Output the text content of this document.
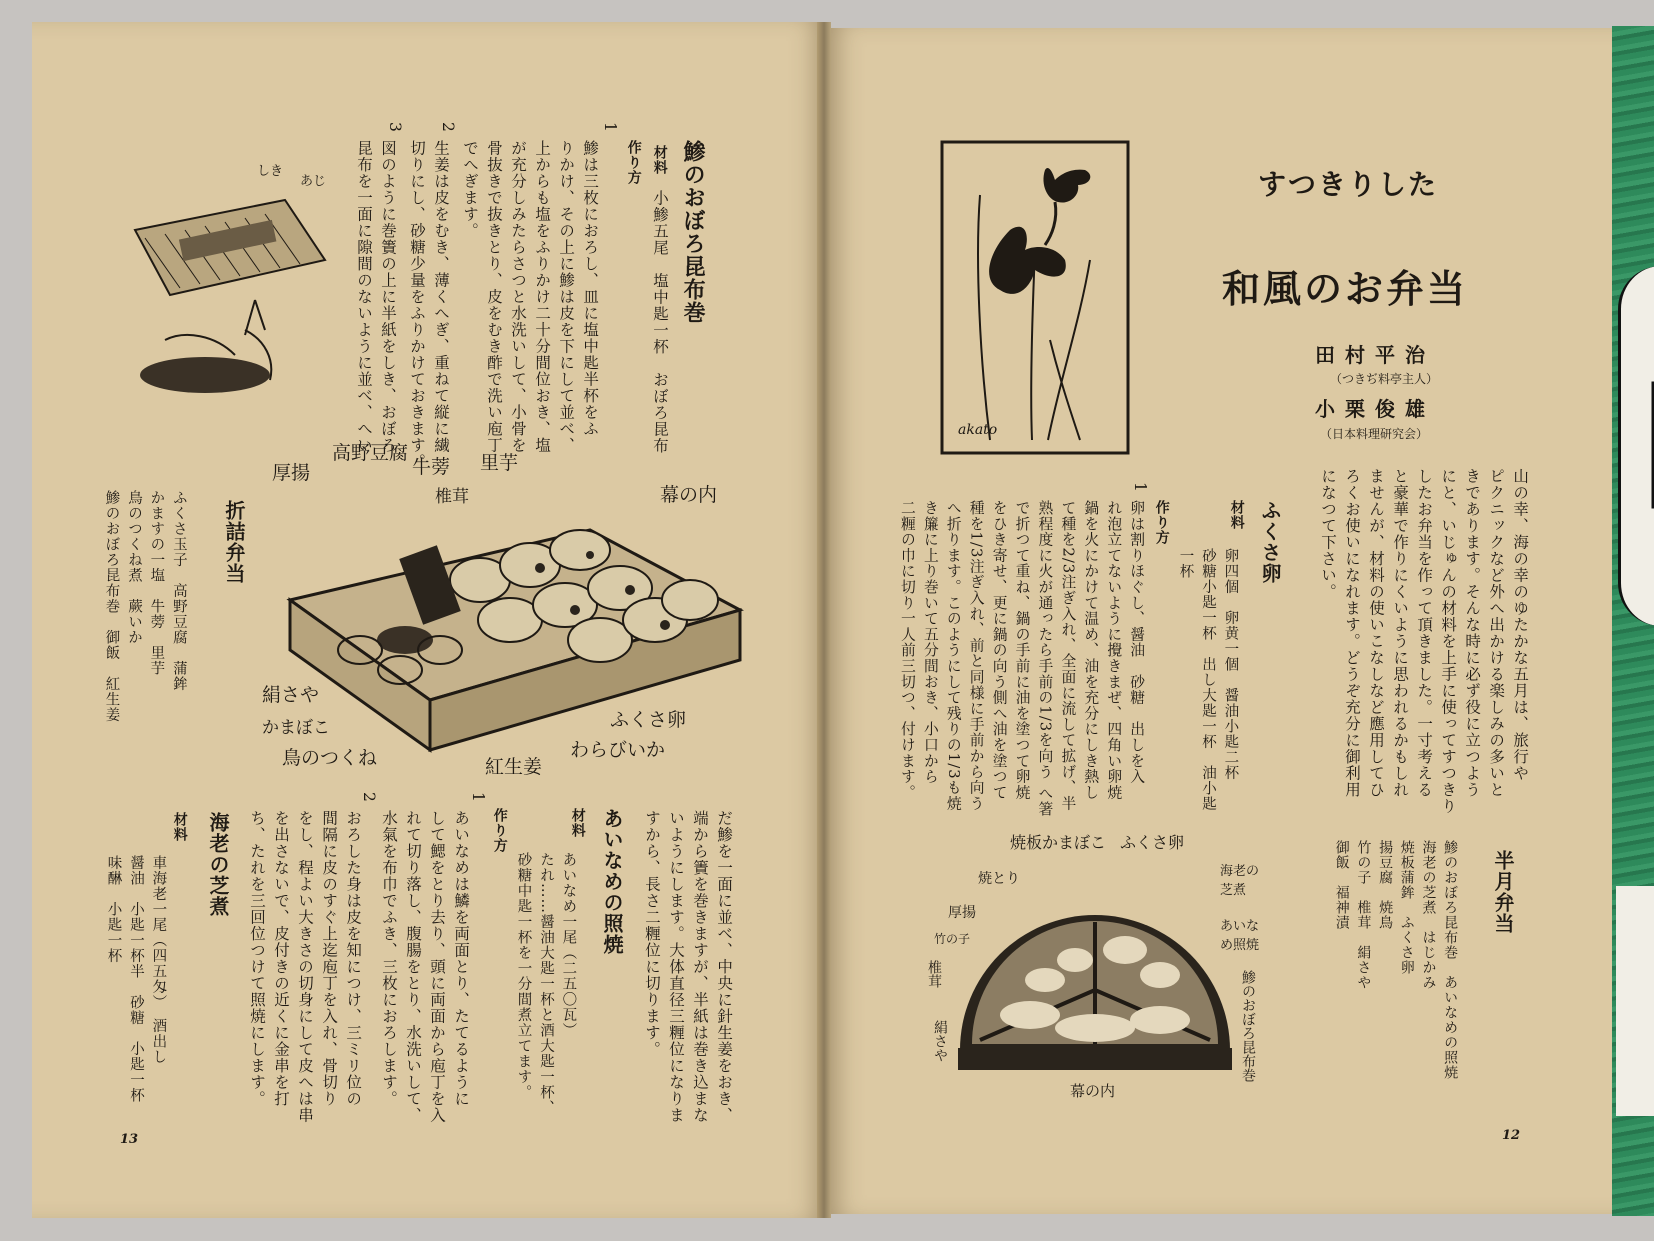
akato
すつきりした
和風のお弁当
田村平治
（つきぢ料亭主人）
小栗俊雄
（日本料理研究会）
山の幸、海の幸のゆたかな五月は、旅行や
ピクニックなど外へ出かける楽しみの多いと
きであります。そんな時に必ず役に立つよう
にと、いじゅんの材料を上手に使ってすつきり
したお弁当を作って頂きました。一寸考える
と豪華で作りにくいように思われるかもしれ
ませんが、材料の使いこなしなど應用してひ
ろくお使いになれます。どうぞ充分に御利用
になつて下さい。
ふくさ卵
材料
卵四個　卵黄一個　醤油小匙二杯
砂糖小匙一杯　出し大匙一杯　油小匙
一杯
作り方
1
卵は割りほぐし、醤油　砂糖　出しを入
れ泡立てないように攪きまぜ、四角い卵焼
鍋を火にかけて温め、油を充分にしき熱し
て種を2/3注ぎ入れ、全面に流して拡げ、半
熟程度に火が通ったら手前の1/3を向う
で折つて重ね、鍋の手前に油を塗つて卵焼
をひき寄せ、更に鍋の向う側へ油を塗つて
種を1/3注ぎ入れ、前と同様に手前から向う
へ折ります。このようにして残りの1/3も焼
き簾に上り巻いて五分間おき、小口から
二糎の巾に切り一人前三切つ、付けます。
焼板かまぼこ ふくさ卵
焼とり
厚揚
竹の子
椎茸
絹さや
海老の芝煮
あいなめ照焼
鯵のおぼろ昆布巻
幕の内
半月弁当
鯵のおぼろ昆布巻　あいなめの照焼
海老の芝煮　はじかみ
焼板蒲鉾　ふくさ卵
揚豆腐　焼鳥
竹の子　椎茸　絹さや
御飯　福神漬
12
しき
あじ	鯵のおぼろ昆布巻
材料
小鯵五尾　塩中匙一杯　おぼろ昆布
作り方
1
鯵は三枚におろし、皿に塩中匙半杯をふ
りかけ、その上に鯵は皮を下にして並べ、
上からも塩をふりかけ二十分間位おき、塩
が充分しみたらさつと水洗いして、小骨を
骨抜きで抜きとり、皮をむき酢で洗い庖丁
でへぎます。
2
生姜は皮をむき、薄くへぎ、重ねて縦に繊
切りにし、砂糖少量をふりかけておきます。
3
図のように巻簀の上に半紙をしき、おぼろ
昆布を一面に隙間のないように並べ、へい
折詰弁当
ふくさ玉子　高野豆腐　蒲鉾
かますの一塩　牛蒡　里芋
鳥のつくね煮　蕨いか
鯵のおぼろ昆布巻　御飯　紅生姜
厚揚
高野豆腐
牛蒡 里芋
椎茸	幕の内
絹さや
かまぼこ
鳥のつくね	紅生姜
わらびいか
ふくさ卵
だ鯵を一面に並べ、中央に針生姜をおき、
端から簀を巻きますが、半紙は巻き込まな
いようにします。大体直径三糎位になりま
すから、長さ二糎位に切ります。
あいなめの照焼
材料
あいなめ一尾（二五〇瓦）
たれ……醤油大匙一杯と酒大匙一杯、
砂糖中匙一杯を一分間煮立てます。
作り方
1
あいなめは鱗を両面とり、たてるように
して鰓をとり去り、頭に両面から庖丁を入
れて切り落し、腹腸をとり、水洗いして、
水氣を布巾でふき、三枚におろします。
2
おろした身は皮を知につけ、三ミリ位の
間隔に皮のすぐ上迄庖丁を入れ、骨切り
をし、程よい大きさの切身にして皮へは串
を出さないで、皮付きの近くに金串を打
ち、たれを三回位つけて照焼にします。
海老の芝煮
材料
車海老一尾（四五匁）　酒出し
醤油　小匙一杯半　砂糖　小匙一杯
味醂　小匙一杯
13
